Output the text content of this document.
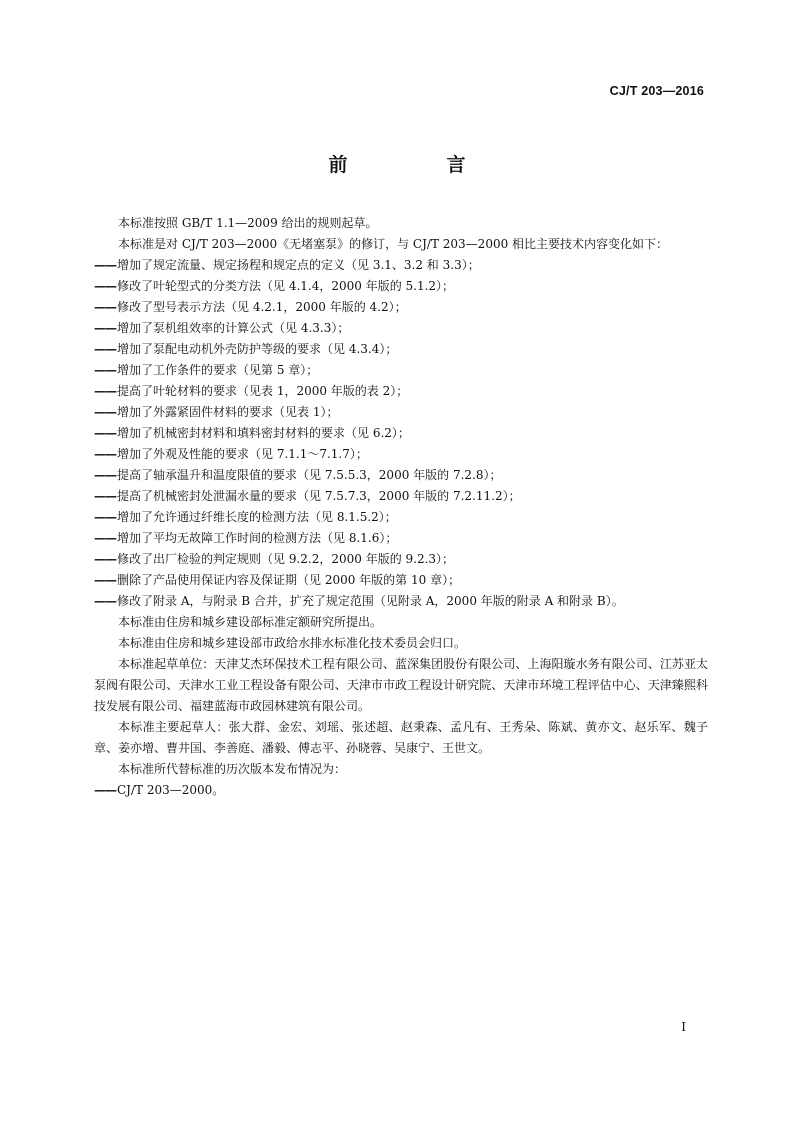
CJ/T 203—2016
前　言

本标准按照 GB/T 1.1—2009 给出的规则起草。

本标准是对 CJ/T 203—2000《无堵塞泵》的修订，与 CJ/T 203—2000 相比主要技术内容变化如下：

——增加了规定流量、规定扬程和规定点的定义（见 3.1、3.2 和 3.3）；

——修改了叶轮型式的分类方法（见 4.1.4，2000 年版的 5.1.2）；

——修改了型号表示方法（见 4.2.1，2000 年版的 4.2）；

——增加了泵机组效率的计算公式（见 4.3.3）；

——增加了泵配电动机外壳防护等级的要求（见 4.3.4）；

——增加了工作条件的要求（见第 5 章）；

——提高了叶轮材料的要求（见表 1，2000 年版的表 2）；

——增加了外露紧固件材料的要求（见表 1）；

——增加了机械密封材料和填料密封材料的要求（见 6.2）；

——增加了外观及性能的要求（见 7.1.1～7.1.7）；

——提高了轴承温升和温度限值的要求（见 7.5.5.3，2000 年版的 7.2.8）；

——提高了机械密封处泄漏水量的要求（见 7.5.7.3，2000 年版的 7.2.11.2）；

——增加了允许通过纤维长度的检测方法（见 8.1.5.2）；

——增加了平均无故障工作时间的检测方法（见 8.1.6）；

——修改了出厂检验的判定规则（见 9.2.2，2000 年版的 9.2.3）；

——删除了产品使用保证内容及保证期（见 2000 年版的第 10 章）；

——修改了附录 A，与附录 B 合并，扩充了规定范围（见附录 A，2000 年版的附录 A 和附录 B）。

本标准由住房和城乡建设部标准定额研究所提出。

本标准由住房和城乡建设部市政给水排水标准化技术委员会归口。

本标准起草单位：天津艾杰环保技术工程有限公司、蓝深集团股份有限公司、上海阳璇水务有限公司、江苏亚太泵阀有限公司、天津水工业工程设备有限公司、天津市市政工程设计研究院、天津市环境工程评估中心、天津臻熙科技发展有限公司、福建蓝海市政园林建筑有限公司。

本标准主要起草人：张大群、金宏、刘瑶、张述超、赵秉森、孟凡有、王秀朵、陈斌、黄亦文、赵乐军、魏子章、姜亦增、曹井国、李善庭、潘毅、傅志平、孙晓蓉、吴康宁、王世文。

本标准所代替标准的历次版本发布情况为：

——CJ/T 203—2000。

I
